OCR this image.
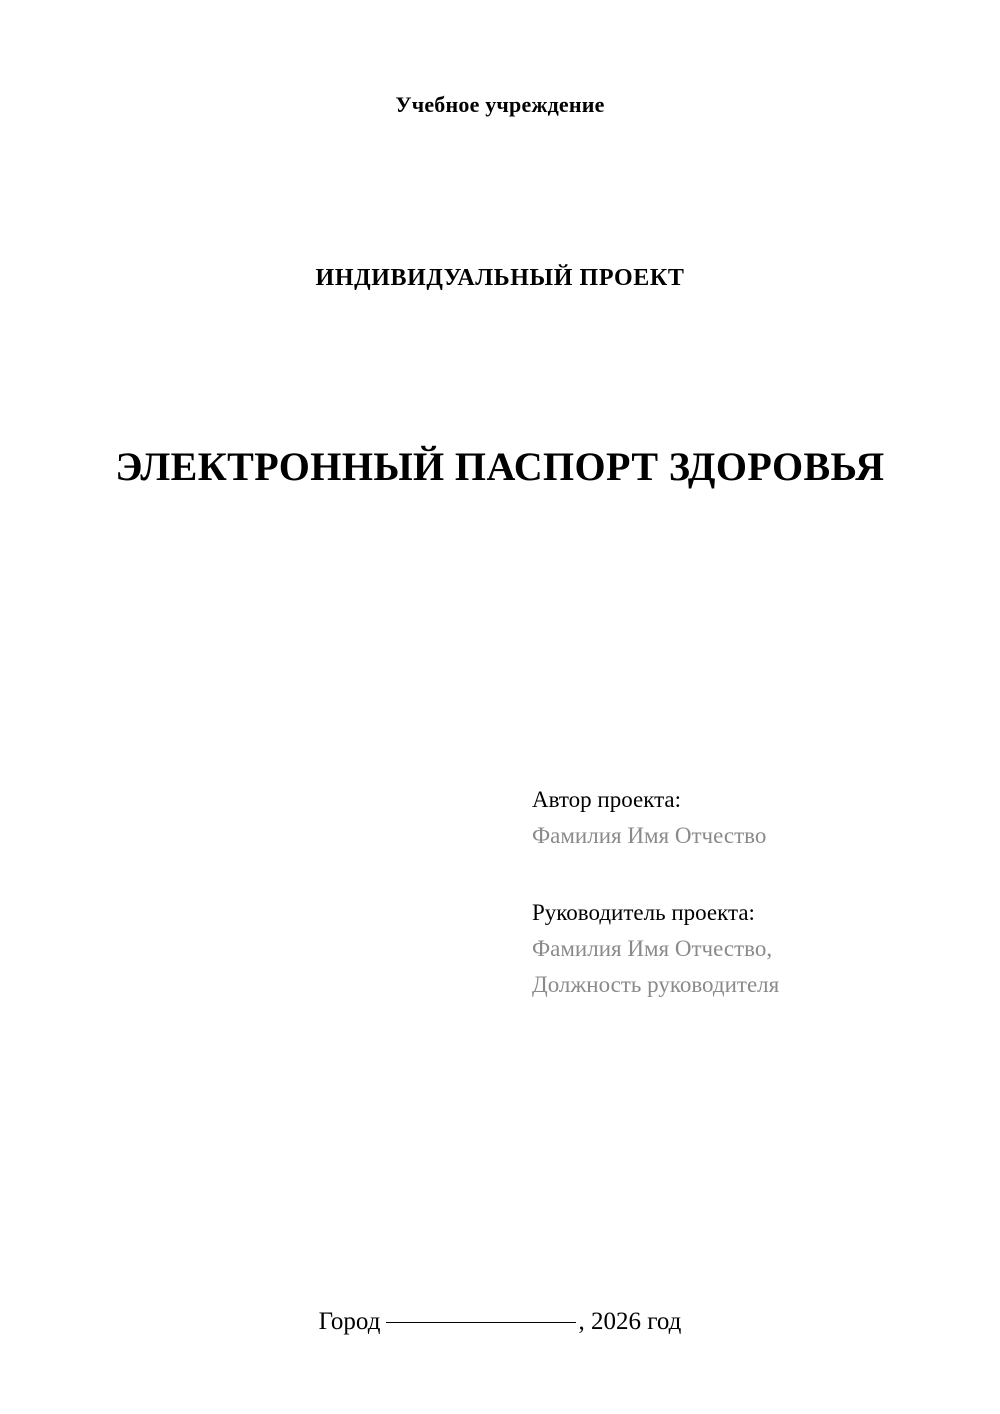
Учебное учреждение
ИНДИВИДУАЛЬНЫЙ ПРОЕКТ
ЭЛЕКТРОННЫЙ ПАСПОРТ ЗДОРОВЬЯ

Автор проекта:

Фамилия Имя Отчество

Руководитель проекта:

Фамилия Имя Отчество,

Должность руководителя

Город	, 2026 год
